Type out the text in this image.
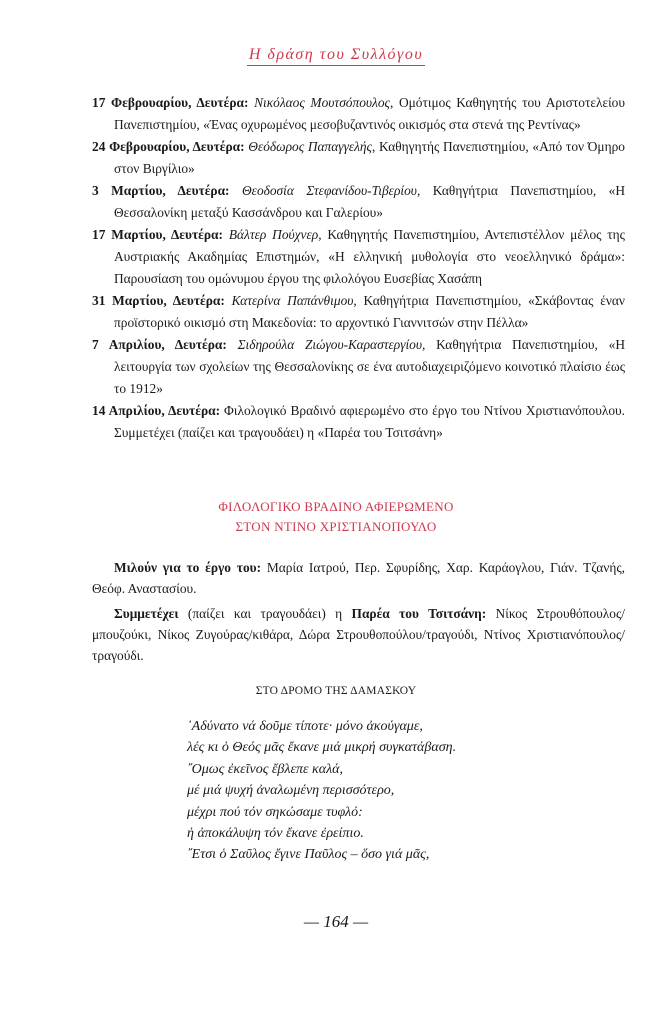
Η δράση του Συλλόγου

17 Φεβρουαρίου, Δευτέρα: Νικόλαος Μουτσόπουλος, Ομότιμος Καθηγητής του Αριστοτελείου Πανεπιστημίου, «Ένας οχυρωμένος μεσοβυζαντινός οικισμός στα στενά της Ρεντίνας»

24 Φεβρουαρίου, Δευτέρα: Θεόδωρος Παπαγγελής, Καθηγητής Πανεπιστημίου, «Από τον Όμηρο στον Βιργίλιο»

3 Μαρτίου, Δευτέρα: Θεοδοσία Στεφανίδου-Τιβερίου, Καθηγήτρια Πανεπιστημίου, «Η Θεσσαλονίκη μεταξύ Κασσάνδρου και Γαλερίου»

17 Μαρτίου, Δευτέρα: Βάλτερ Πούχνερ, Καθηγητής Πανεπιστημίου, Αντεπιστέλλον μέλος της Αυστριακής Ακαδημίας Επιστημών, «Η ελληνική μυθολογία στο νεοελληνικό δράμα»: Παρουσίαση του ομώνυμου έργου της φιλολόγου Ευσεβίας Χασάπη

31 Μαρτίου, Δευτέρα: Κατερίνα Παπάνθιμου, Καθηγήτρια Πανεπιστημίου, «Σκάβοντας έναν προϊστορικό οικισμό στη Μακεδονία: το αρχοντικό Γιαννιτσών στην Πέλλα»

7 Απριλίου, Δευτέρα: Σιδηρούλα Ζιώγου-Καραστεργίου, Καθηγήτρια Πανεπιστημίου, «Η λειτουργία των σχολείων της Θεσσαλονίκης σε ένα αυτοδιαχειριζόμενο κοινοτικό πλαίσιο έως το 1912»

14 Απριλίου, Δευτέρα: Φιλολογικό Βραδινό αφιερωμένο στο έργο του Ντίνου Χριστιανόπουλου. Συμμετέχει (παίζει και τραγουδάει) η «Παρέα του Τσιτσάνη»

ΦΙΛΟΛΟΓΙΚΟ ΒΡΑΔΙΝΟ ΑΦΙΕΡΩΜΕΝΟ
ΣΤΟΝ ΝΤΙΝΟ ΧΡΙΣΤΙΑΝΟΠΟΥΛΟ

Μιλούν για το έργο του: Μαρία Ιατρού, Περ. Σφυρίδης, Χαρ. Καράογλου, Γιάν. Τζανής, Θεόφ. Αναστασίου.

Συμμετέχει (παίζει και τραγουδάει) η Παρέα του Τσιτσάνη: Νίκος Στρουθόπουλος/μπουζούκι, Νίκος Ζυγούρας/κιθάρα, Δώρα Στρουθοπούλου/τραγούδι, Ντίνος Χριστιανόπουλος/τραγούδι.

ΣΤΟ ΔΡΟΜΟ ΤΗΣ ΔΑΜΑΣΚΟΥ
᾿Αδύνατο νά δοῦμε τίποτε· μόνο ἀκούγαμε,
λές κι ὁ Θεός μᾶς ἔκανε μιά μικρή συγκατάβαση.
῎Ομως ἐκεῖνος ἔβλεπε καλά,
μέ μιά ψυχή ἀναλωμένη περισσότερο,
μέχρι πού τόν σηκώσαμε τυφλό:
ἡ ἀποκάλυψη τόν ἔκανε ἐρείπιο.
῎Ετσι ὁ Σαῦλος ἔγινε Παῦλος – ὅσο γιά μᾶς,
— 164 —
